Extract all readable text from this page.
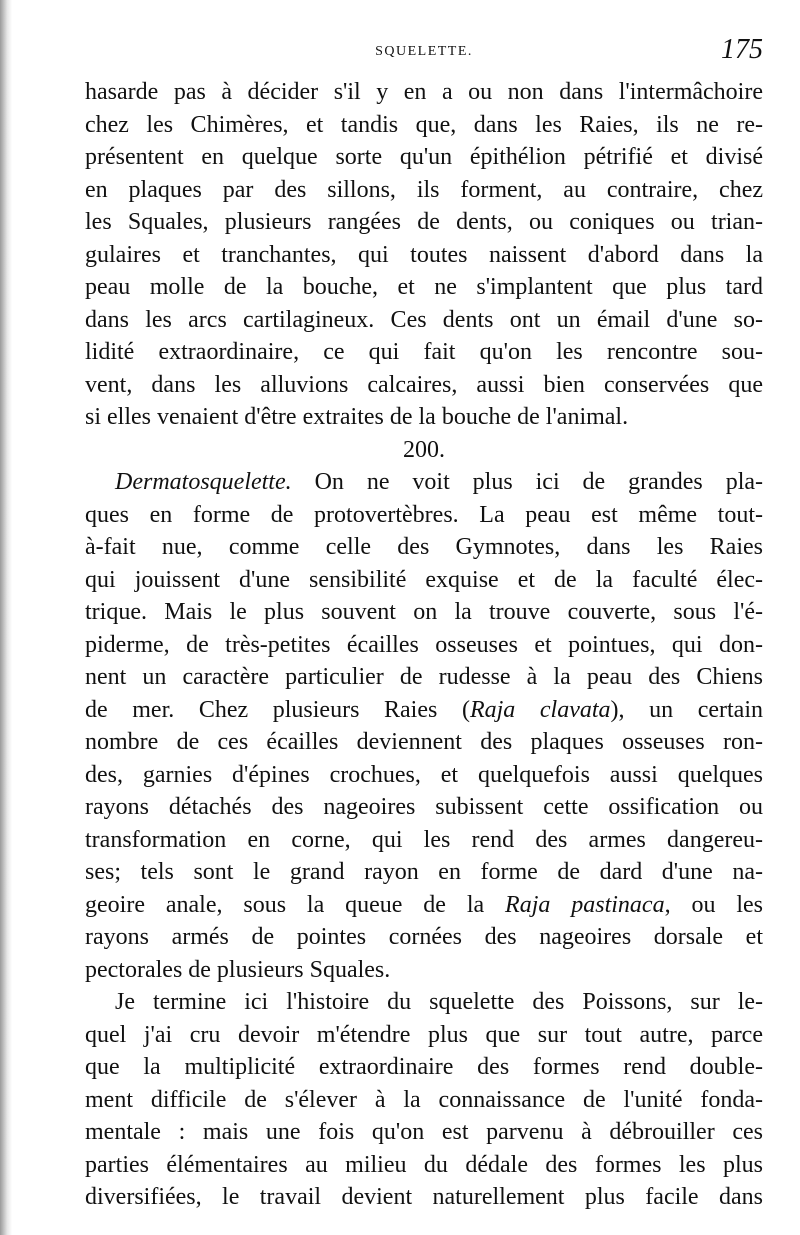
SQUELETTE.	175
hasarde pas à décider s'il y en a ou non dans l'intermâchoire
chez les Chimères, et tandis que, dans les Raies, ils ne re-
présentent en quelque sorte qu'un épithélion pétrifié et divisé
en plaques par des sillons, ils forment, au contraire, chez
les Squales, plusieurs rangées de dents, ou coniques ou trian-
gulaires et tranchantes, qui toutes naissent d'abord dans la
peau molle de la bouche, et ne s'implantent que plus tard
dans les arcs cartilagineux. Ces dents ont un émail d'une so-
lidité extraordinaire, ce qui fait qu'on les rencontre sou-
vent, dans les alluvions calcaires, aussi bien conservées que
si elles venaient d'être extraites de la bouche de l'animal.
200.
Dermatosquelette. On ne voit plus ici de grandes pla-
ques en forme de protovertèbres. La peau est même tout-
à-fait nue, comme celle des Gymnotes, dans les Raies
qui jouissent d'une sensibilité exquise et de la faculté élec-
trique. Mais le plus souvent on la trouve couverte, sous l'é-
piderme, de très-petites écailles osseuses et pointues, qui don-
nent un caractère particulier de rudesse à la peau des Chiens
de mer. Chez plusieurs Raies (Raja clavata), un certain
nombre de ces écailles deviennent des plaques osseuses ron-
des, garnies d'épines crochues, et quelquefois aussi quelques
rayons détachés des nageoires subissent cette ossification ou
transformation en corne, qui les rend des armes dangereu-
ses; tels sont le grand rayon en forme de dard d'une na-
geoire anale, sous la queue de la Raja pastinaca, ou les
rayons armés de pointes cornées des nageoires dorsale et
pectorales de plusieurs Squales.
Je termine ici l'histoire du squelette des Poissons, sur le-
quel j'ai cru devoir m'étendre plus que sur tout autre, parce
que la multiplicité extraordinaire des formes rend double-
ment difficile de s'élever à la connaissance de l'unité fonda-
mentale : mais une fois qu'on est parvenu à débrouiller ces
parties élémentaires au milieu du dédale des formes les plus
diversifiées, le travail devient naturellement plus facile dans
